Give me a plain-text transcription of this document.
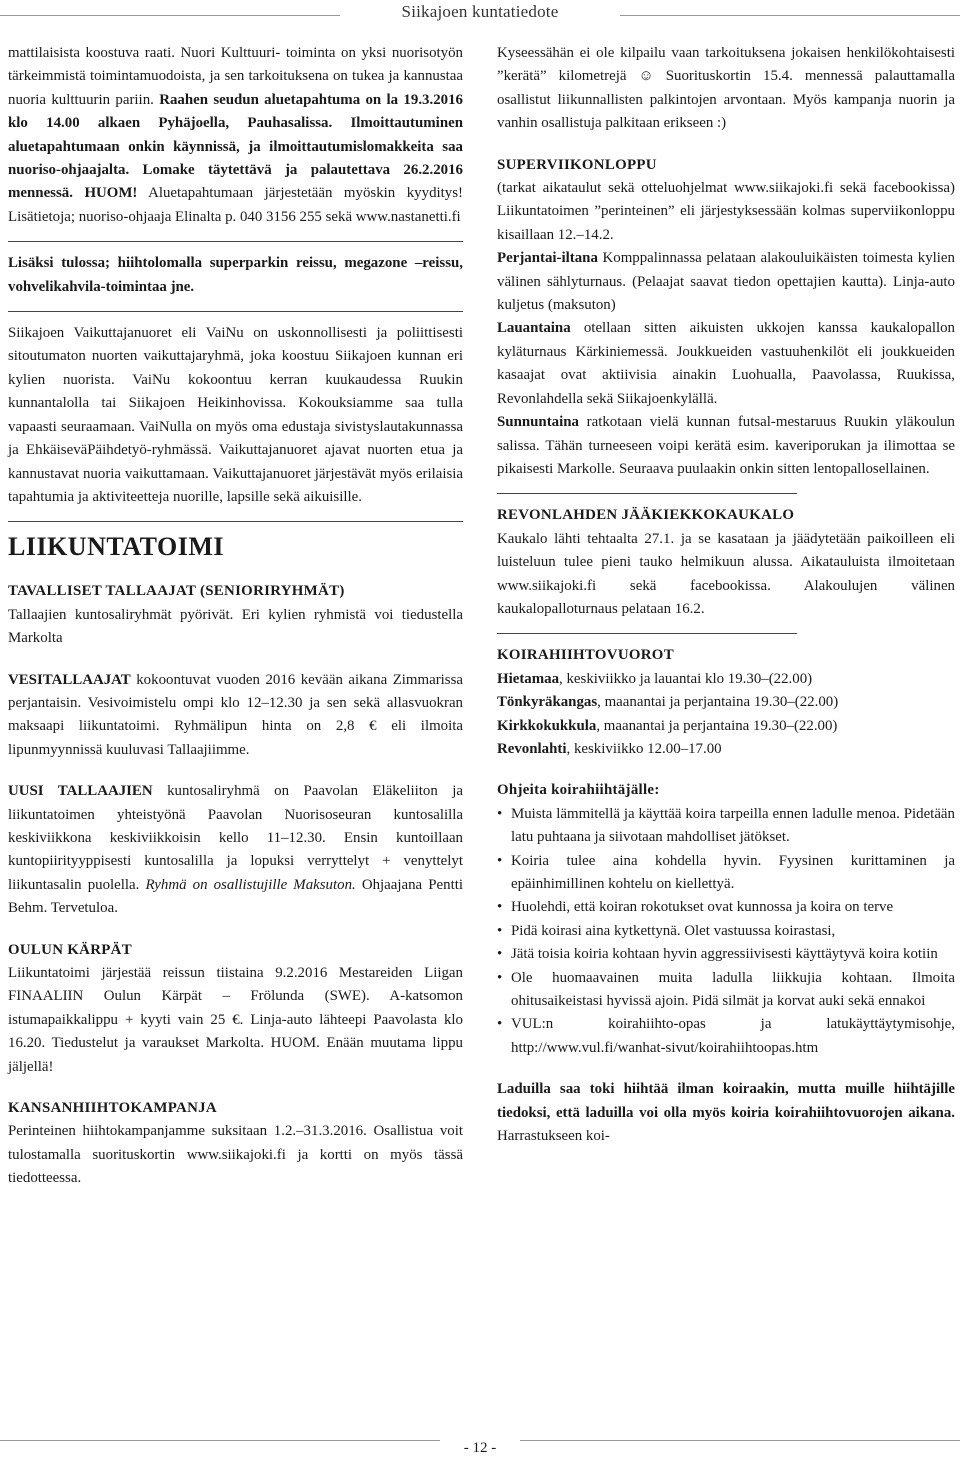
Siikajoen kuntatiedote

mattilaisista koostuva raati. Nuori Kulttuuri- toiminta on yksi nuorisotyön tärkeimmistä toimintamuodoista, ja sen tarkoituksena on tukea ja kannustaa nuoria kulttuurin pariin. Raahen seudun aluetapahtuma on la 19.3.2016 klo 14.00 alkaen Pyhäjoella, Pauhasalissa. Ilmoittautuminen aluetapahtumaan onkin käynnissä, ja ilmoittautumislomakkeita saa nuoriso-ohjaajalta. Lomake täytettävä ja palautettava 26.2.2016 mennessä. HUOM! Aluetapahtumaan järjestetään myöskin kyyditys! Lisätietoja; nuoriso-ohjaaja Elinalta p. 040 3156 255 sekä www.nastanetti.fi

Lisäksi tulossa; hiihtolomalla superparkin reissu, megazone –reissu, vohvelikahvila-toimintaa jne.

Siikajoen Vaikuttajanuoret eli VaiNu on uskonnollisesti ja poliittisesti sitoutumaton nuorten vaikuttajaryhmä, joka koostuu Siikajoen kunnan eri kylien nuorista. VaiNu kokoontuu kerran kuukaudessa Ruukin kunnantalolla tai Siikajoen Heikinhovissa. Kokouksiamme saa tulla vapaasti seuraamaan. VaiNulla on myös oma edustaja sivistyslautakunnassa ja EhkäiseväPäihdetyö-ryhmässä. Vaikuttajanuoret ajavat nuorten etua ja kannustavat nuoria vaikuttamaan. Vaikuttajanuoret järjestävät myös erilaisia tapahtumia ja aktiviteetteja nuorille, lapsille sekä aikuisille.

LIIKUNTATOIMI

TAVALLISET TALLAAJAT (SENIORIRYHMÄT)

Tallaajien kuntosaliryhmät pyörivät. Eri kylien ryhmistä voi tiedustella Markolta

VESITALLAAJAT kokoontuvat vuoden 2016 kevään aikana Zimmarissa perjantaisin. Vesivoimistelu ompi klo 12–12.30 ja sen sekä allasvuokran maksaapi liikuntatoimi. Ryhmälipun hinta on 2,8 € eli ilmoita lipunmyynnissä kuuluvasi Tallaajiimme.

UUSI TALLAAJIEN kuntosaliryhmä on Paavolan Eläkeliiton ja liikuntatoimen yhteistyönä Paavolan Nuorisoseuran kuntosalilla keskiviikkona keskiviikkoisin kello 11–12.30. Ensin kuntoillaan kuntopiirityyppisesti kuntosalilla ja lopuksi verryttelyt + venyttelyt liikuntasalin puolella. Ryhmä on osallistujille Maksuton. Ohjaajana Pentti Behm. Tervetuloa.

OULUN KÄRPÄT

Liikuntatoimi järjestää reissun tiistaina 9.2.2016 Mestareiden Liigan FINAALIIN Oulun Kärpät – Frölunda (SWE). A-katsomon istumapaikkalippu + kyyti vain 25 €. Linja-auto lähteepi Paavolasta klo 16.20. Tiedustelut ja varaukset Markolta. HUOM. Enään muutama lippu jäljellä!

KANSANHIIHTOKAMPANJA

Perinteinen hiihtokampanjamme suksitaan 1.2.–31.3.2016. Osallistua voit tulostamalla suorituskortin www.siikajoki.fi ja kortti on myös tässä tiedotteessa.

Kyseessähän ei ole kilpailu vaan tarkoituksena jokaisen henkilökohtaisesti ”kerätä” kilometrejä ☺ Suorituskortin 15.4. mennessä palauttamalla osallistut liikunnallisten palkintojen arvontaan. Myös kampanja nuorin ja vanhin osallistuja palkitaan erikseen :)

SUPERVIIKONLOPPU

(tarkat aikataulut sekä otteluohjelmat www.siikajoki.fi sekä facebookissa) Liikuntatoimen ”perinteinen” eli järjestyksessään kolmas superviikonloppu kisaillaan 12.–14.2.

Perjantai-iltana Komppalinnassa pelataan alakouluikäisten toimesta kylien välinen sählyturnaus. (Pelaajat saavat tiedon opettajien kautta). Linja-auto kuljetus (maksuton)

Lauantaina otellaan sitten aikuisten ukkojen kanssa kaukalopallon kyläturnaus Kärkiniemessä. Joukkueiden vastuuhenkilöt eli joukkueiden kasaajat ovat aktiivisia ainakin Luohualla, Paavolassa, Ruukissa, Revonlahdella sekä Siikajoenkylällä.

Sunnuntaina ratkotaan vielä kunnan futsal-mestaruus Ruukin yläkoulun salissa. Tähän turneeseen voipi kerätä esim. kaveriporukan ja ilimottaa se pikaisesti Markolle. Seuraava puulaakin onkin sitten lentopallosellainen.

REVONLAHDEN JÄÄKIEKKOKAUKALO

Kaukalo lähti tehtaalta 27.1. ja se kasataan ja jäädytetään paikoilleen eli luisteluun tulee pieni tauko helmikuun alussa. Aikatauluista ilmoitetaan www.siikajoki.fi sekä facebookissa. Alakoulujen välinen kaukalopalloturnaus pelataan 16.2.

KOIRAHIIHTOVUOROT

Hietamaa, keskiviikko ja lauantai klo 19.30–(22.00)

Tönkyräkangas, maanantai ja perjantaina 19.30–(22.00)

Kirkkokukkula, maanantai ja perjantaina 19.30–(22.00)

Revonlahti, keskiviikko 12.00–17.00

Ohjeita koirahiihtäjälle:

• Muista lämmitellä ja käyttää koira tarpeilla ennen ladulle menoa. Pidetään latu puhtaana ja siivotaan mahdolliset jätökset.
• Koiria tulee aina kohdella hyvin. Fyysinen kurittaminen ja epäinhimillinen kohtelu on kiellettyä.
• Huolehdi, että koiran rokotukset ovat kunnossa ja koira on terve
• Pidä koirasi aina kytkettynä. Olet vastuussa koirastasi,
• Jätä toisia koiria kohtaan hyvin aggressiivisesti käyttäytyvä koira kotiin
• Ole huomaavainen muita ladulla liikkujia kohtaan. Ilmoita ohitusaikeistasi hyvissä ajoin. Pidä silmät ja korvat auki sekä ennakoi
• VUL:n koirahiihto-opas ja latukäyttäytymisohje, http://www.vul.fi/wanhat-sivut/koirahiihtoopas.htm

Laduilla saa toki hiihtää ilman koiraakin, mutta muille hiihtäjille tiedoksi, että laduilla voi olla myös koiria koirahiihtovuorojen aikana. Harrastukseen koi-

- 12 -
